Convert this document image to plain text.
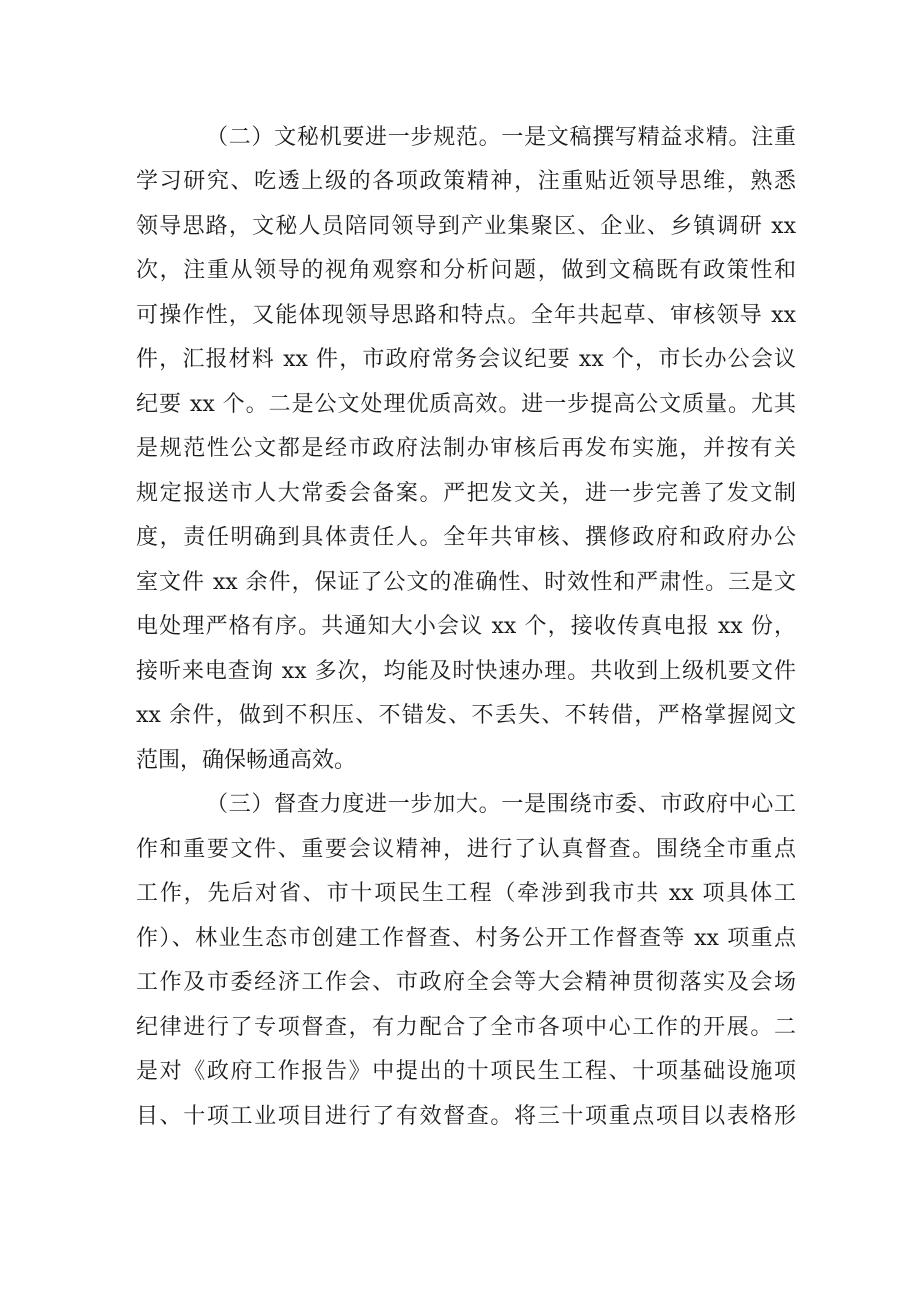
（二）文秘机要进一步规范。一是文稿撰写精益求精。注重
学习研究、吃透上级的各项政策精神，注重贴近领导思维，熟悉
领导思路，文秘人员陪同领导到产业集聚区、企业、乡镇调研 xx
次，注重从领导的视角观察和分析问题，做到文稿既有政策性和
可操作性，又能体现领导思路和特点。全年共起草、审核领导 xx
件，汇报材料 xx 件，市政府常务会议纪要 xx 个，市长办公会议
纪要 xx 个。二是公文处理优质高效。进一步提高公文质量。尤其
是规范性公文都是经市政府法制办审核后再发布实施，并按有关
规定报送市人大常委会备案。严把发文关，进一步完善了发文制
度，责任明确到具体责任人。全年共审核、撰修政府和政府办公
室文件 xx 余件，保证了公文的准确性、时效性和严肃性。三是文
电处理严格有序。共通知大小会议 xx 个，接收传真电报 xx 份，
接听来电查询 xx 多次，均能及时快速办理。共收到上级机要文件
xx 余件，做到不积压、不错发、不丢失、不转借，严格掌握阅文
范围，确保畅通高效。
（三）督查力度进一步加大。一是围绕市委、市政府中心工
作和重要文件、重要会议精神，进行了认真督查。围绕全市重点
工作，先后对省、市十项民生工程（牵涉到我市共 xx 项具体工
作）、林业生态市创建工作督查、村务公开工作督查等 xx 项重点
工作及市委经济工作会、市政府全会等大会精神贯彻落实及会场
纪律进行了专项督查，有力配合了全市各项中心工作的开展。二
是对《政府工作报告》中提出的十项民生工程、十项基础设施项
目、十项工业项目进行了有效督查。将三十项重点项目以表格形
